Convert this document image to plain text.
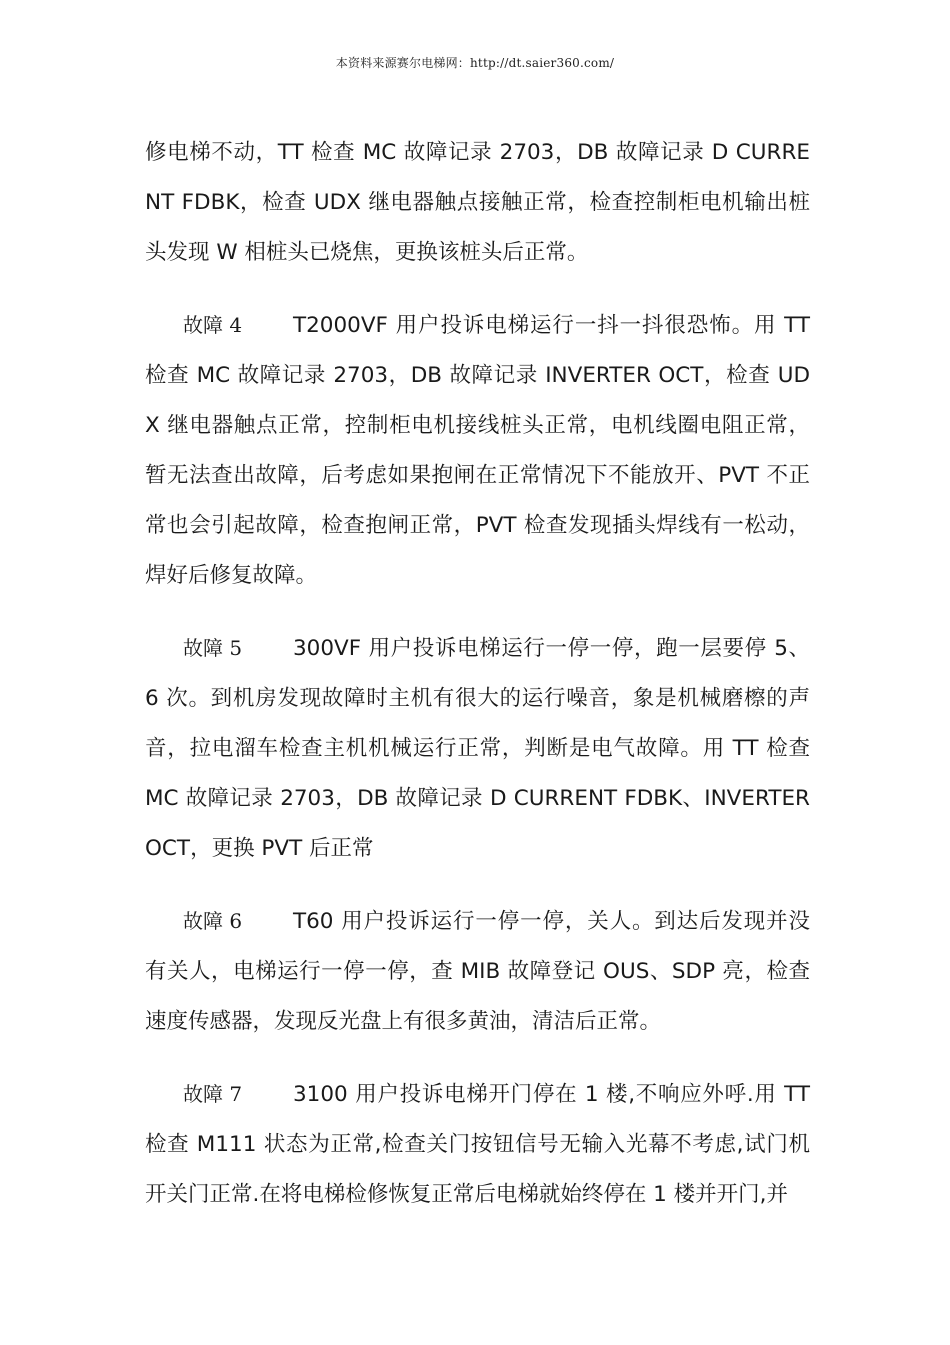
本资料来源赛尔电梯网：http://dt.saier360.com/

修电梯不动，TT 检查 MC 故障记录 2703，DB 故障记录 D CURRENT FDBK，检查 UDX 继电器触点接触正常，检查控制柜电机输出桩头发现 W 相桩头已烧焦，更换该桩头后正常。

故障 4 T2000VF 用户投诉电梯运行一抖一抖很恐怖。用 TT 检查 MC 故障记录 2703，DB 故障记录 INVERTER OCT，检查 UDX 继电器触点正常，控制柜电机接线桩头正常，电机线圈电阻正常，暂无法查出故障，后考虑如果抱闸在正常情况下不能放开、PVT 不正常也会引起故障，检查抱闸正常，PVT 检查发现插头焊线有一松动，焊好后修复故障。

故障 5 300VF 用户投诉电梯运行一停一停，跑一层要停 5、6 次。到机房发现故障时主机有很大的运行噪音，象是机械磨檫的声音，拉电溜车检查主机机械运行正常，判断是电气故障。用 TT 检查 MC 故障记录 2703，DB 故障记录 D CURRENT FDBK、INVERTER OCT，更换 PVT 后正常

故障 6 T60 用户投诉运行一停一停，关人。到达后发现并没有关人，电梯运行一停一停，查 MIB 故障登记 OUS、SDP 亮，检查速度传感器，发现反光盘上有很多黄油，清洁后正常。

故障 7 3100 用户投诉电梯开门停在 1 楼,不响应外呼.用 TT 检查 M111 状态为正常,检查关门按钮信号无输入光幕不考虑,试门机开关门正常.在将电梯检修恢复正常后电梯就始终停在 1 楼并开门,并
